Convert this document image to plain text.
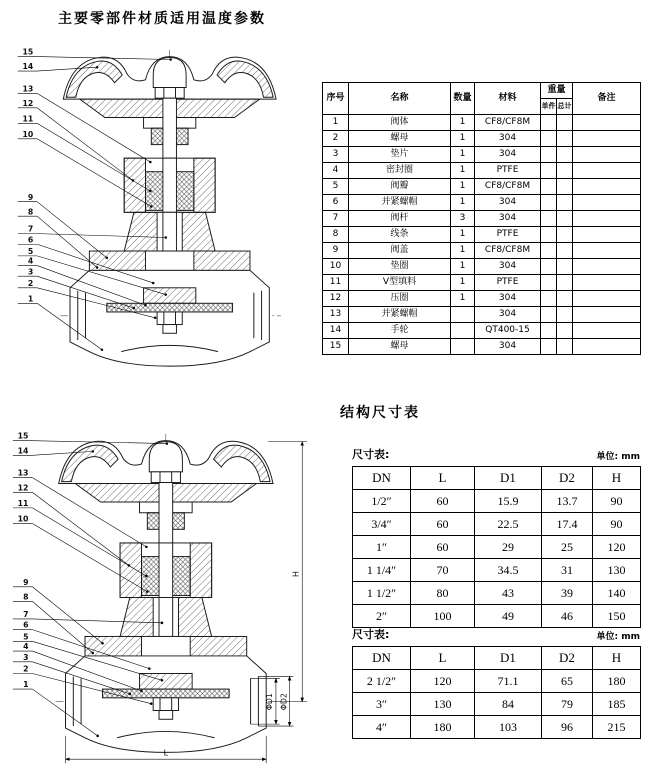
主要零部件材质适用温度参数
15
14
13
12
11
10
9
8
7
6
5
4
3
2
1
序号	名称	数量	材料	重量		备注
				单件	总计	
1	阀体	1	CF8/CF8M			
2	螺母	1	304			
3	垫片	1	304			
4	密封圈	1	PTFE			
5	阀瓣	1	CF8/CF8M			
6	并紧螺帽	1	304			
7	阀杆	3	304			
8	线条	1	PTFE			
9	阀盖	1	CF8/CF8M			
10	垫圈	1	304			
11	V型填料	1	PTFE			
12	压圈	1	304			
13	并紧螺帽		304			
14	手轮		QT400-15			
15	螺母		304			
结构尺寸表
尺寸表:	单位: mm
DN	L	D1	D2	H
1/2″	60	15.9	13.7	90
3/4″	60	22.5	17.4	90
1″	60	29	25	120
1 1/4″	70	34.5	31	130
1 1/2″	80	43	39	140
2″	100	49	46	150
尺寸表:	单位: mm
DN	L	D1	D2	H
2 1/2″	120	71.1	65	180
3″	130	84	79	185
4″	180	103	96	215
H
ΦD1 ΦD2
L
15
14
13
12
11
10
9
8
7
6
5
4
3
2
1
